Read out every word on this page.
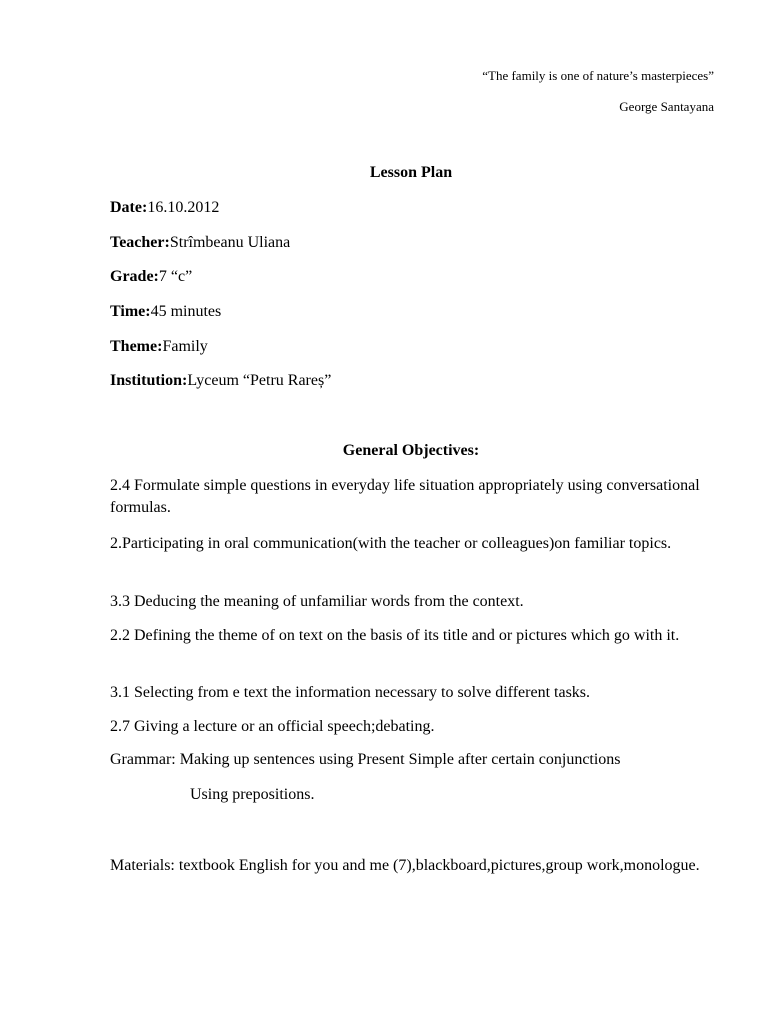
“The family is one of nature’s masterpieces”
George Santayana
Lesson Plan
Date:16.10.2012
Teacher:Strîmbeanu Uliana
Grade:7 “c”
Time:45 minutes
Theme:Family
Institution:Lyceum “Petru Rareș”
General Objectives:
2.4 Formulate simple questions in everyday life situation appropriately using conversational formulas.
2.Participating in oral communication(with the teacher or colleagues)on familiar topics.
3.3 Deducing the meaning of unfamiliar words from the context.
2.2 Defining the theme of on text on the basis of its title and or pictures which go with it.
3.1 Selecting from e text the information necessary to solve different tasks.
2.7 Giving a lecture or an official speech;debating.
Grammar: Making up sentences using Present Simple after certain conjunctions
Using prepositions.
Materials: textbook English for you and me (7),blackboard,pictures,group work,monologue.
